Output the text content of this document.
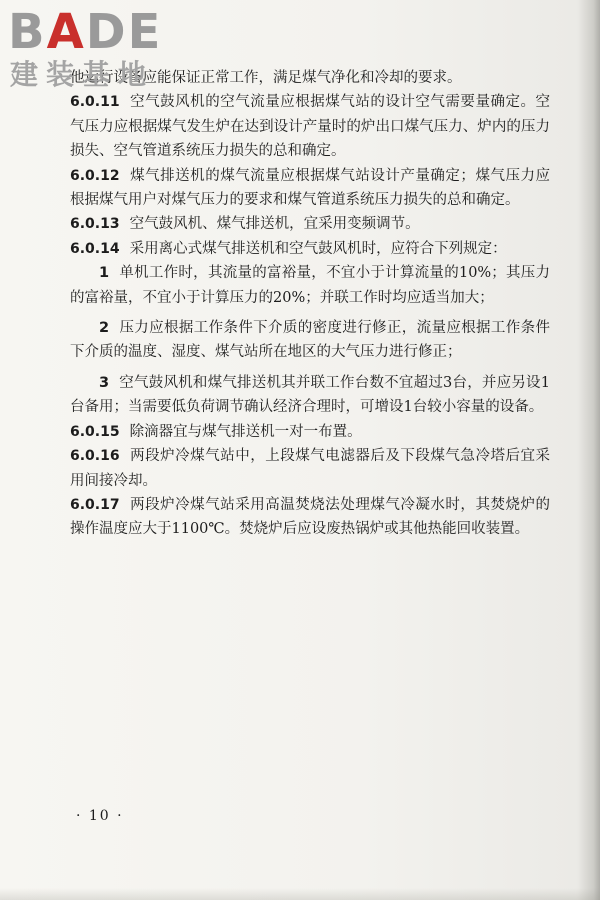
BADE
建装基地

他运行设备应能保证正常工作，满足煤气净化和冷却的要求。

6.0.11 空气鼓风机的空气流量应根据煤气站的设计空气需要量确定。空气压力应根据煤气发生炉在达到设计产量时的炉出口煤气压力、炉内的压力损失、空气管道系统压力损失的总和确定。

6.0.12 煤气排送机的煤气流量应根据煤气站设计产量确定；煤气压力应根据煤气用户对煤气压力的要求和煤气管道系统压力损失的总和确定。

6.0.13 空气鼓风机、煤气排送机，宜采用变频调节。

6.0.14 采用离心式煤气排送机和空气鼓风机时，应符合下列规定：

1 单机工作时，其流量的富裕量，不宜小于计算流量的10%；其压力的富裕量，不宜小于计算压力的20%；并联工作时均应适当加大；

2 压力应根据工作条件下介质的密度进行修正，流量应根据工作条件下介质的温度、湿度、煤气站所在地区的大气压力进行修正；

3 空气鼓风机和煤气排送机其并联工作台数不宜超过3台，并应另设1台备用；当需要低负荷调节确认经济合理时，可增设1台较小容量的设备。

6.0.15 除滴器宜与煤气排送机一对一布置。

6.0.16 两段炉冷煤气站中，上段煤气电滤器后及下段煤气急冷塔后宜采用间接冷却。

6.0.17 两段炉冷煤气站采用高温焚烧法处理煤气冷凝水时，其焚烧炉的操作温度应大于1100℃。焚烧炉后应设废热锅炉或其他热能回收装置。

· 10 ·
